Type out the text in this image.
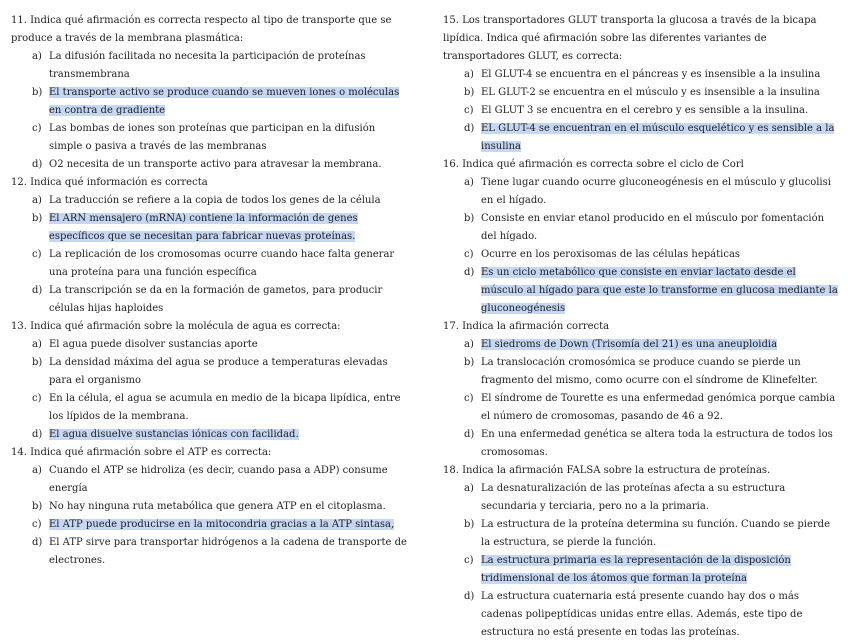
11. Indica qué afirmación es correcta respecto al tipo de transporte que se produce a través de la membrana plasmática:

a) La difusión facilitada no necesita la participación de proteínas transmembrana
b) El transporte activo se produce cuando se mueven iones o moléculas en contra de gradiente
c) Las bombas de iones son proteínas que participan en la difusión simple o pasiva a través de las membranas
d) O2 necesita de un transporte activo para atravesar la membrana.

12. Indica qué información es correcta

a) La traducción se refiere a la copia de todos los genes de la célula
b) El ARN mensajero (mRNA) contiene la información de genes específicos que se necesitan para fabricar nuevas proteínas.
c) La replicación de los cromosomas ocurre cuando hace falta generar una proteína para una función específica
d) La transcripción se da en la formación de gametos, para producir células hijas haploides

13. Indica qué afirmación sobre la molécula de agua es correcta:

a) El agua puede disolver sustancias aporte
b) La densidad máxima del agua se produce a temperaturas elevadas para el organismo
c) En la célula, el agua se acumula en medio de la bicapa lipídica, entre los lípidos de la membrana.
d) El agua disuelve sustancias iónicas con facilidad.

14. Indica qué afirmación sobre el ATP es correcta:

a) Cuando el ATP se hidroliza (es decir, cuando pasa a ADP) consume energía
b) No hay ninguna ruta metabólica que genera ATP en el citoplasma.
c) El ATP puede producirse en la mitocondria gracias a la ATP sintasa,
d) El ATP sirve para transportar hidrógenos a la cadena de transporte de electrones.

15. Los transportadores GLUT transporta la glucosa a través de la bicapa lipídica. Indica qué afirmación sobre las diferentes variantes de transportadores GLUT, es correcta:

a) El GLUT-4 se encuentra en el páncreas y es insensible a la insulina
b) EL GLUT-2 se encuentra en el músculo y es insensible a la insulina
c) El GLUT 3 se encuentra en el cerebro y es sensible a la insulina.
d) EL GLUT-4 se encuentran en el músculo esquelético y es sensible a la insulina

16. Indica qué afirmación es correcta sobre el ciclo de Corl

a) Tiene lugar cuando ocurre gluconeogénesis en el músculo y glucolisi en el hígado.
b) Consiste en enviar etanol producido en el músculo por fomentación del hígado.
c) Ocurre en los peroxisomas de las células hepáticas
d) Es un ciclo metabólico que consiste en enviar lactato desde el músculo al hígado para que este lo transforme en glucosa mediante la gluconeogénesis

17. Indica la afirmación correcta

a) El siedroms de Down (Trisomía del 21) es una aneuploidia
b) La translocación cromosómica se produce cuando se pierde un fragmento del mismo, como ocurre con el síndrome de Klinefelter.
c) El síndrome de Tourette es una enfermedad genómica porque cambia el número de cromosomas, pasando de 46 a 92.
d) En una enfermedad genética se altera toda la estructura de todos los cromosomas.

18. Indica la afirmación FALSA sobre la estructura de proteínas.

a) La desnaturalización de las proteínas afecta a su estructura secundaria y terciaria, pero no a la primaria.
b) La estructura de la proteína determina su función. Cuando se pierde la estructura, se pierde la función.
c) La estructura primaria es la representación de la disposición tridimensional de los átomos que forman la proteína
d) La estructura cuaternaria está presente cuando hay dos o más cadenas polipeptídicas unidas entre ellas. Además, este tipo de estructura no está presente en todas las proteínas.
